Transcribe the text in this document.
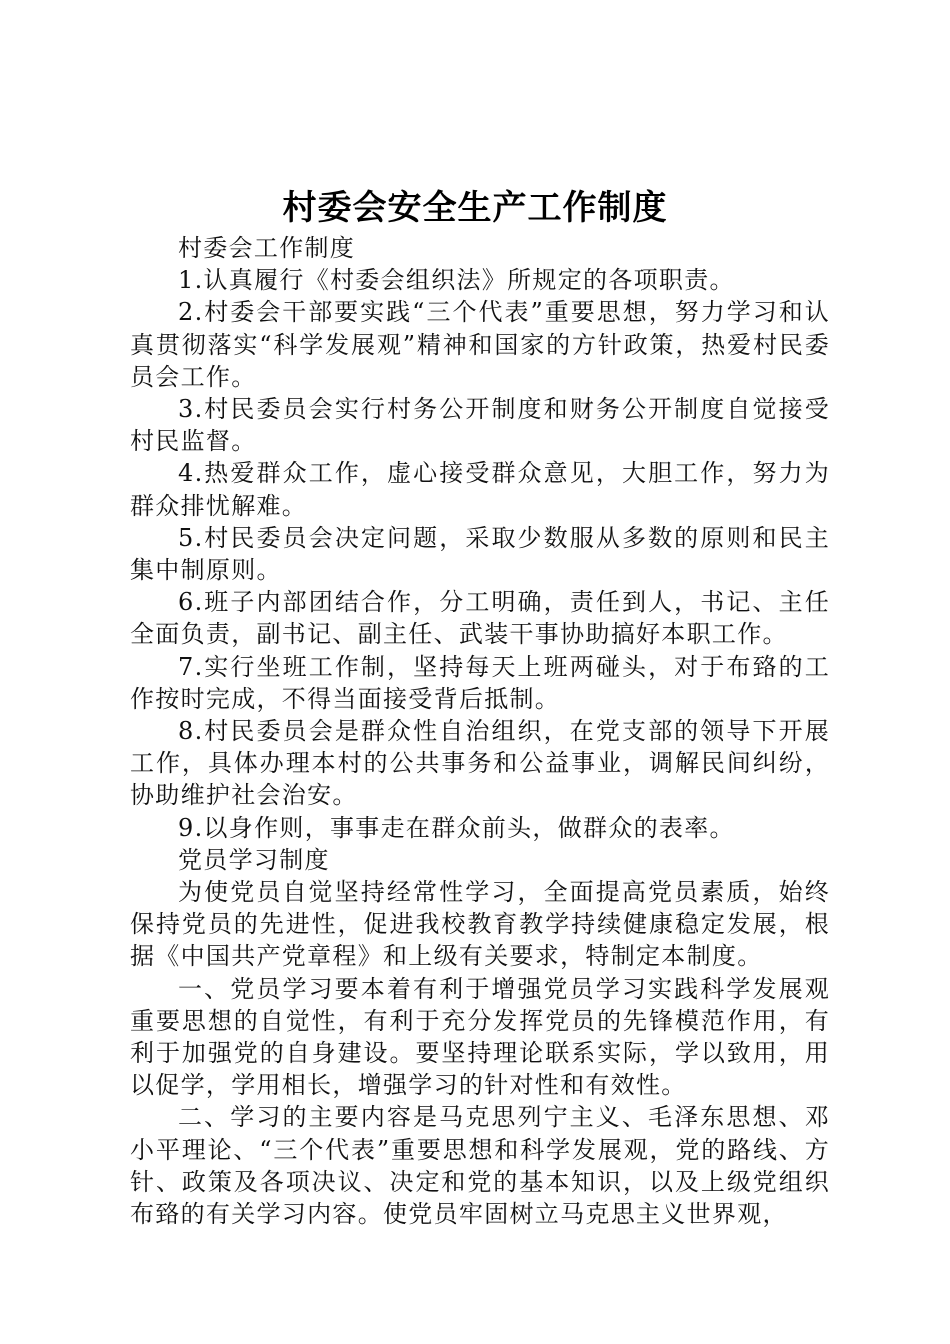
村委会安全生产工作制度

村委会工作制度

1.认真履行《村委会组织法》所规定的各项职责。

2.村委会干部要实践“三个代表”重要思想，努力学习和认真贯彻落实“科学发展观”精神和国家的方针政策，热爱村民委员会工作。

3.村民委员会实行村务公开制度和财务公开制度自觉接受村民监督。

4.热爱群众工作，虚心接受群众意见，大胆工作，努力为群众排忧解难。

5.村民委员会决定问题，采取少数服从多数的原则和民主集中制原则。

6.班子内部团结合作，分工明确，责任到人，书记、主任全面负责，副书记、副主任、武装干事协助搞好本职工作。

7.实行坐班工作制，坚持每天上班两碰头，对于布臵的工作按时完成，不得当面接受背后抵制。

8.村民委员会是群众性自治组织，在党支部的领导下开展工作，具体办理本村的公共事务和公益事业，调解民间纠纷，协助维护社会治安。

9.以身作则，事事走在群众前头，做群众的表率。

党员学习制度

为使党员自觉坚持经常性学习，全面提高党员素质，始终保持党员的先进性，促进我校教育教学持续健康稳定发展，根据《中国共产党章程》和上级有关要求，特制定本制度。

一、党员学习要本着有利于增强党员学习实践科学发展观重要思想的自觉性，有利于充分发挥党员的先锋模范作用，有利于加强党的自身建设。要坚持理论联系实际，学以致用，用以促学，学用相长，增强学习的针对性和有效性。

二、学习的主要内容是马克思列宁主义、毛泽东思想、邓小平理论、“三个代表”重要思想和科学发展观，党的路线、方针、政策及各项决议、决定和党的基本知识，以及上级党组织布臵的有关学习内容。使党员牢固树立马克思主义世界观，
